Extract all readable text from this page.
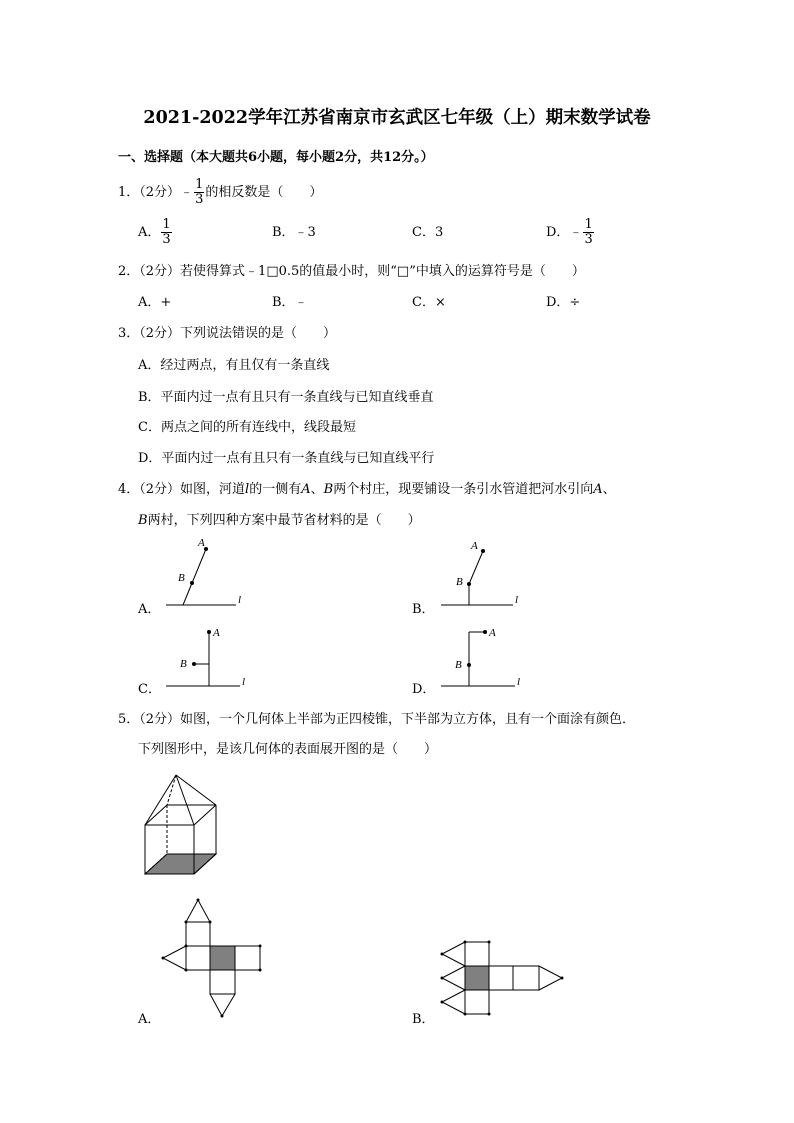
2021-2022学年江苏省南京市玄武区七年级（上）期末数学试卷
一、选择题（本大题共6小题，每小题2分，共12分。）
1．（2分）﹣ $\frac{1}{3}$ 的相反数是（　　）
A． $\frac{1}{3}$	B．﹣3	C．3	D．﹣ $\frac{1}{3}$
2．（2分）若使得算式﹣1□0.5的值最小时，则“□”中填入的运算符号是（　　）
A．+	B．﹣	C．×	D．÷
3．（2分）下列说法错误的是（　　）
A．经过两点，有且仅有一条直线
B．平面内过一点有且只有一条直线与已知直线垂直
C．两点之间的所有连线中，线段最短
D．平面内过一点有且只有一条直线与已知直线平行
4．（2分）如图，河道l的一侧有A、B两个村庄，现要铺设一条引水管道把河水引向A、
B两村，下列四种方案中最节省材料的是（　　）
A．	B．
C．	D．
A
B
l
A
B
l
A
B
l
A
B
l
5．（2分）如图，一个几何体上半部为正四棱锥，下半部为立方体，且有一个面涂有颜色．
下列图形中，是该几何体的表面展开图的是（　　）
A．	B．
